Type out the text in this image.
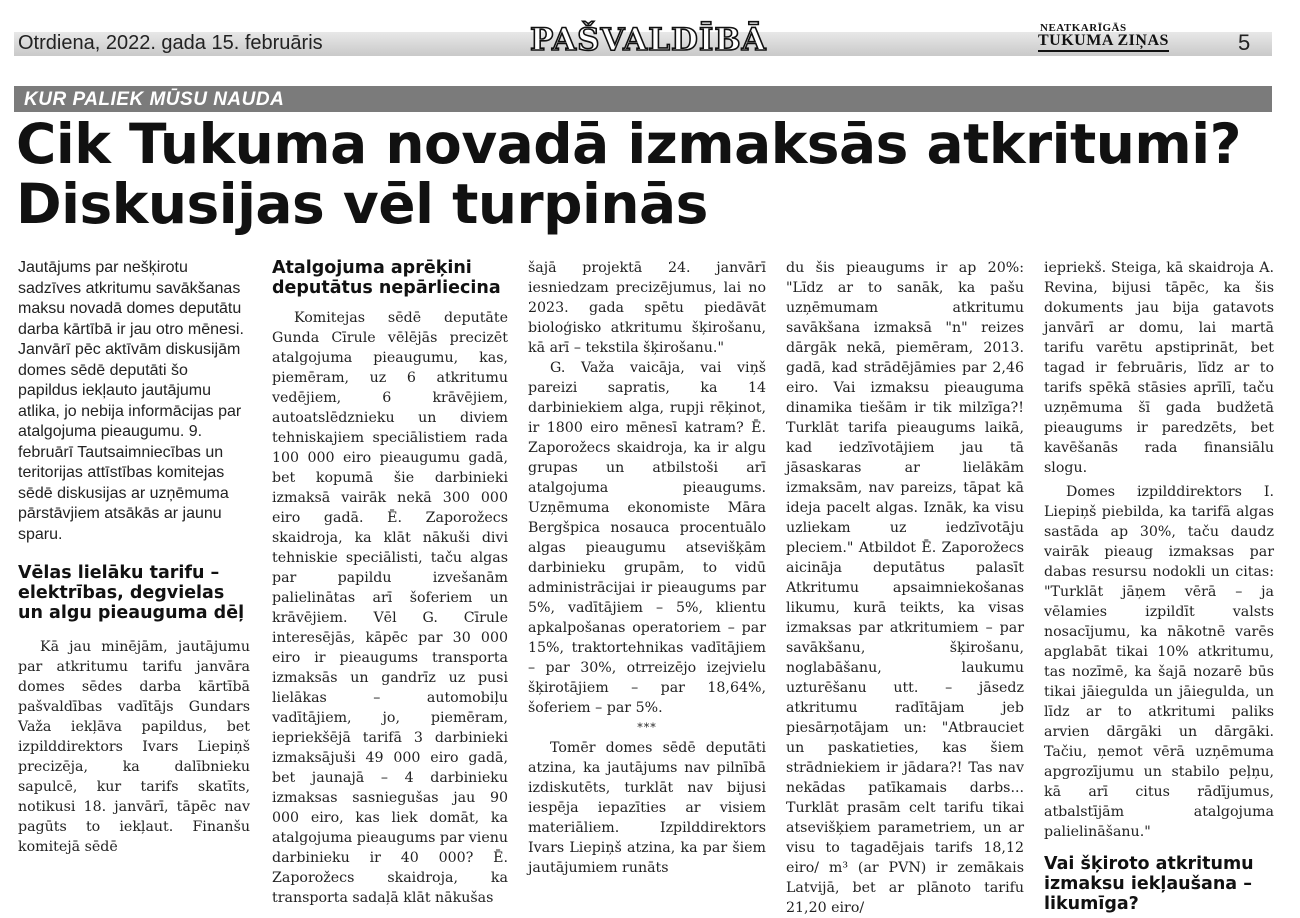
Otrdiena, 2022. gada 15. februāris	PAŠVALDĪBĀ	NEATKARĪGĀS
TUKUMA ZIŅAS	5
KUR PALIEK MŪSU NAUDA
Cik Tukuma novadā izmaksās atkritumi?
Diskusijas vēl turpinās

Jautājums par nešķirotu sadzīves atkritumu savākšanas maksu novadā domes deputātu darba kārtībā ir jau otro mēnesi. Janvārī pēc aktīvām diskusijām domes sēdē deputāti šo papildus iekļauto jautājumu atlika, jo nebija informācijas par atalgojuma pieaugumu. 9. februārī Tautsaimniecības un teritorijas attīstības komitejas sēdē diskusijas ar uzņēmuma pārstāvjiem atsākās ar jaunu sparu.

Vēlas lielāku tarifu – elektrības, degvielas un algu pieauguma dēļ

Kā jau minējām, jautājumu par atkritumu tarifu janvāra domes sēdes darba kārtībā pašvaldības vadītājs Gundars Važa iekļāva papildus, bet izpilddirektors Ivars Liepiņš precizēja, ka dalībnieku sapulcē, kur tarifs skatīts, notikusi 18. janvārī, tāpēc nav pagūts to iekļaut. Finanšu komitejā sēdē

Atalgojuma aprēķini deputātus nepārliecina

Komitejas sēdē deputāte Gunda Cīrule vēlējās precizēt atalgojuma pieaugumu, kas, piemēram, uz 6 atkritumu vedējiem, 6 krāvējiem, autoatslēdznieku un diviem tehniskajiem speciālistiem rada 100 000 eiro pieaugumu gadā, bet kopumā šie darbinieki izmaksā vairāk nekā 300 000 eiro gadā. Ē. Zaporožecs skaidroja, ka klāt nākuši divi tehniskie speciālisti, taču algas par papildu izvešanām palielinātas arī šoferiem un krāvējiem. Vēl G. Cīrule interesējās, kāpēc par 30 000 eiro ir pieaugums transporta izmaksās un gandrīz uz pusi lielākas – automobiļu vadītājiem, jo, piemēram, iepriekšējā tarifā 3 darbinieki izmaksājuši 49 000 eiro gadā, bet jaunajā – 4 darbinieku izmaksas sasniegušas jau 90 000 eiro, kas liek domāt, ka atalgojuma pieaugums par vienu darbinieku ir 40 000? Ē. Zaporožecs skaidroja, ka transporta sadaļā klāt nākušas

šajā projektā 24. janvārī iesniedzam precizējumus, lai no 2023. gada spētu piedāvāt bioloģisko atkritumu šķirošanu, kā arī – tekstila šķirošanu."

G. Važa vaicāja, vai viņš pareizi sapratis, ka 14 darbiniekiem alga, rupji rēķinot, ir 1800 eiro mēnesī katram? Ē. Zaporožecs skaidroja, ka ir algu grupas un atbilstoši arī atalgojuma pieaugums. Uzņēmuma ekonomiste Māra Bergšpica nosauca procentuālo algas pieaugumu atsevišķām darbinieku grupām, to vidū administrācijai ir pieaugums par 5%, vadītājiem – 5%, klientu apkalpošanas operatoriem – par 15%, traktortehnikas vadītājiem – par 30%, otrreizējo izejvielu šķirotājiem – par 18,64%, šoferiem – par 5%.

***

Tomēr domes sēdē deputāti atzina, ka jautājums nav pilnībā izdiskutēts, turklāt nav bijusi iespēja iepazīties ar visiem materiāliem. Izpilddirektors Ivars Liepiņš atzina, ka par šiem jautājumiem runāts

du šis pieaugums ir ap 20%: "Līdz ar to sanāk, ka pašu uzņēmumam atkritumu savākšana izmaksā "n" reizes dārgāk nekā, piemēram, 2013. gadā, kad strādējāmies par 2,46 eiro. Vai izmaksu pieauguma dinamika tiešām ir tik milzīga?! Turklāt tarifa pieaugums laikā, kad iedzīvotājiem jau tā jāsaskaras ar lielākām izmaksām, nav pareizs, tāpat kā ideja pacelt algas. Iznāk, ka visu uzliekam uz iedzīvotāju pleciem." Atbildot Ē. Zaporožecs aicināja deputātus palasīt Atkritumu apsaimniekošanas likumu, kurā teikts, ka visas izmaksas par atkritumiem – par savākšanu, šķirošanu, noglabāšanu, laukumu uzturēšanu utt. – jāsedz atkritumu radītājam jeb piesārņotājam un: "Atbrauciet un paskatieties, kas šiem strādniekiem ir jādara?! Tas nav nekādas patīkamais darbs... Turklāt prasām celt tarifu tikai atsevišķiem parametriem, un ar visu to tagadējais tarifs 18,12 eiro/ m³ (ar PVN) ir zemākais Latvijā, bet ar plānoto tarifu 21,20 eiro/

iepriekš. Steiga, kā skaidroja A. Revina, bijusi tāpēc, ka šis dokuments jau bija gatavots janvārī ar domu, lai martā tarifu varētu apstiprināt, bet tagad ir februāris, līdz ar to tarifs spēkā stāsies aprīlī, taču uzņēmuma šī gada budžetā pieaugums ir paredzēts, bet kavēšanās rada finansiālu slogu.

Domes izpilddirektors I. Liepiņš piebilda, ka tarifā algas sastāda ap 30%, taču daudz vairāk pieaug izmaksas par dabas resursu nodokli un citas: "Turklāt jāņem vērā – ja vēlamies izpildīt valsts nosacījumu, ka nākotnē varēs apglabāt tikai 10% atkritumu, tas nozīmē, ka šajā nozarē būs tikai jāiegulda un jāiegulda, un līdz ar to atkritumi paliks arvien dārgāki un dārgāki. Tačiu, ņemot vērā uzņēmuma apgrozījumu un stabilo peļņu, kā arī citus rādījumus, atbalstījām atalgojuma palielināšanu."

Vai šķiroto atkritumu izmaksu iekļaušana – likumīga?
